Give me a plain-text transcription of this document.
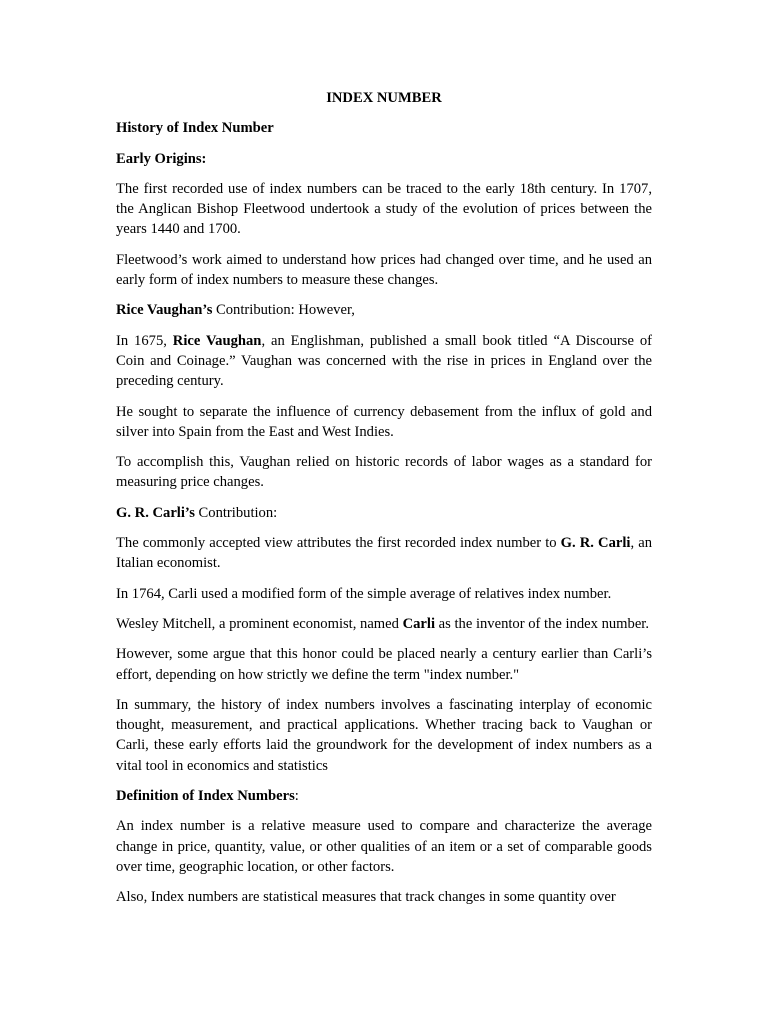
INDEX NUMBER
History of Index Number
Early Origins:

The first recorded use of index numbers can be traced to the early 18th century. In 1707, the Anglican Bishop Fleetwood undertook a study of the evolution of prices between the years 1440 and 1700.

Fleetwood’s work aimed to understand how prices had changed over time, and he used an early form of index numbers to measure these changes.

Rice Vaughan’s Contribution: However,

In 1675, Rice Vaughan, an Englishman, published a small book titled “A Discourse of Coin and Coinage.” Vaughan was concerned with the rise in prices in England over the preceding century.

He sought to separate the influence of currency debasement from the influx of gold and silver into Spain from the East and West Indies.

To accomplish this, Vaughan relied on historic records of labor wages as a standard for measuring price changes.

G. R. Carli’s Contribution:

The commonly accepted view attributes the first recorded index number to G. R. Carli, an Italian economist.

In 1764, Carli used a modified form of the simple average of relatives index number.

Wesley Mitchell, a prominent economist, named Carli as the inventor of the index number.

However, some argue that this honor could be placed nearly a century earlier than Carli’s effort, depending on how strictly we define the term "index number."

In summary, the history of index numbers involves a fascinating interplay of economic thought, measurement, and practical applications. Whether tracing back to Vaughan or Carli, these early efforts laid the groundwork for the development of index numbers as a vital tool in economics and statistics

Definition of Index Numbers:

An index number is a relative measure used to compare and characterize the average change in price, quantity, value, or other qualities of an item or a set of comparable goods over time, geographic location, or other factors.

Also, Index numbers are statistical measures that track changes in some quantity over
